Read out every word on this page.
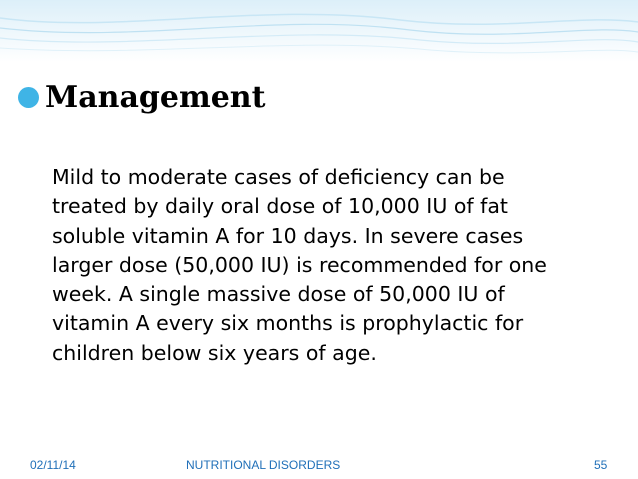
Management
Mild to moderate cases of deficiency can be
treated by daily oral dose of 10,000 IU of fat
soluble vitamin A for 10 days. In severe cases
larger dose (50,000 IU) is recommended for one
week. A single massive dose of 50,000 IU of
vitamin A every six months is prophylactic for
children below six years of age.
02/11/14	NUTRITIONAL DISORDERS	55
